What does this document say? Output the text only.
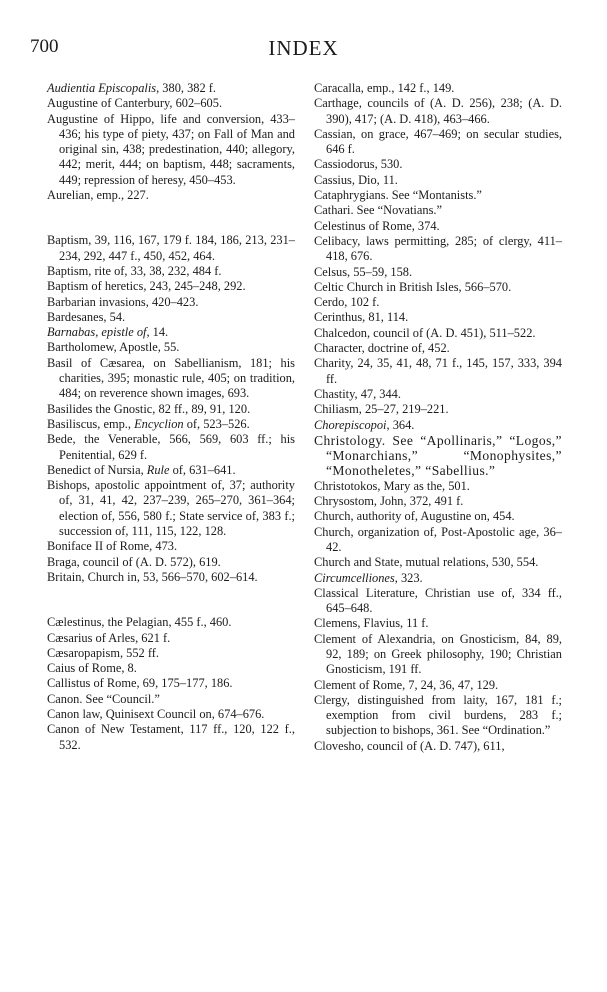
700	INDEX

Audientia Episcopalis, 380, 382 f.

Augustine of Canterbury, 602–605.

Augustine of Hippo, life and conversion, 433–436; his type of piety, 437; on Fall of Man and original sin, 438; predestination, 440; allegory, 442; merit, 444; on baptism, 448; sacraments, 449; repression of heresy, 450–453.

Aurelian, emp., 227.

Baptism, 39, 116, 167, 179 f. 184, 186, 213, 231–234, 292, 447 f., 450, 452, 464.

Baptism, rite of, 33, 38, 232, 484 f.

Baptism of heretics, 243, 245–248, 292.

Barbarian invasions, 420–423.

Bardesanes, 54.

Barnabas, epistle of, 14.

Bartholomew, Apostle, 55.

Basil of Cæsarea, on Sabellianism, 181; his charities, 395; monastic rule, 405; on tradition, 484; on reverence shown images, 693.

Basilides the Gnostic, 82 ff., 89, 91, 120.

Basiliscus, emp., Encyclion of, 523–526.

Bede, the Venerable, 566, 569, 603 ff.; his Penitential, 629 f.

Benedict of Nursia, Rule of, 631–641.

Bishops, apostolic appointment of, 37; authority of, 31, 41, 42, 237–239, 265–270, 361–364; election of, 556, 580 f.; State service of, 383 f.; succession of, 111, 115, 122, 128.

Boniface II of Rome, 473.

Braga, council of (A. D. 572), 619.

Britain, Church in, 53, 566–570, 602–614.

Cælestinus, the Pelagian, 455 f., 460.

Cæsarius of Arles, 621 f.

Cæsaropapism, 552 ff.

Caius of Rome, 8.

Callistus of Rome, 69, 175–177, 186.

Canon. See “Council.”

Canon law, Quinisext Council on, 674–676.

Canon of New Testament, 117 ff., 120, 122 f., 532.

Caracalla, emp., 142 f., 149.

Carthage, councils of (A. D. 256), 238; (A. D. 390), 417; (A. D. 418), 463–466.

Cassian, on grace, 467–469; on secular studies, 646 f.

Cassiodorus, 530.

Cassius, Dio, 11.

Cataphrygians. See “Montanists.”

Cathari. See “Novatians.”

Celestinus of Rome, 374.

Celibacy, laws permitting, 285; of clergy, 411–418, 676.

Celsus, 55–59, 158.

Celtic Church in British Isles, 566–570.

Cerdo, 102 f.

Cerinthus, 81, 114.

Chalcedon, council of (A. D. 451), 511–522.

Character, doctrine of, 452.

Charity, 24, 35, 41, 48, 71 f., 145, 157, 333, 394 ff.

Chastity, 47, 344.

Chiliasm, 25–27, 219–221.

Chorepiscopoi, 364.

Christology. See “Apollinaris,” “Logos,” “Monarchians,” “Monophysites,” “Monotheletes,” “Sabellius.”

Christotokos, Mary as the, 501.

Chrysostom, John, 372, 491 f.

Church, authority of, Augustine on, 454.

Church, organization of, Post-Apostolic age, 36–42.

Church and State, mutual relations, 530, 554.

Circumcelliones, 323.

Classical Literature, Christian use of, 334 ff., 645–648.

Clemens, Flavius, 11 f.

Clement of Alexandria, on Gnosticism, 84, 89, 92, 189; on Greek philosophy, 190; Christian Gnosticism, 191 ff.

Clement of Rome, 7, 24, 36, 47, 129.

Clergy, distinguished from laity, 167, 181 f.; exemption from civil burdens, 283 f.; subjection to bishops, 361. See “Ordination.”

Clovesho, council of (A. D. 747), 611,
